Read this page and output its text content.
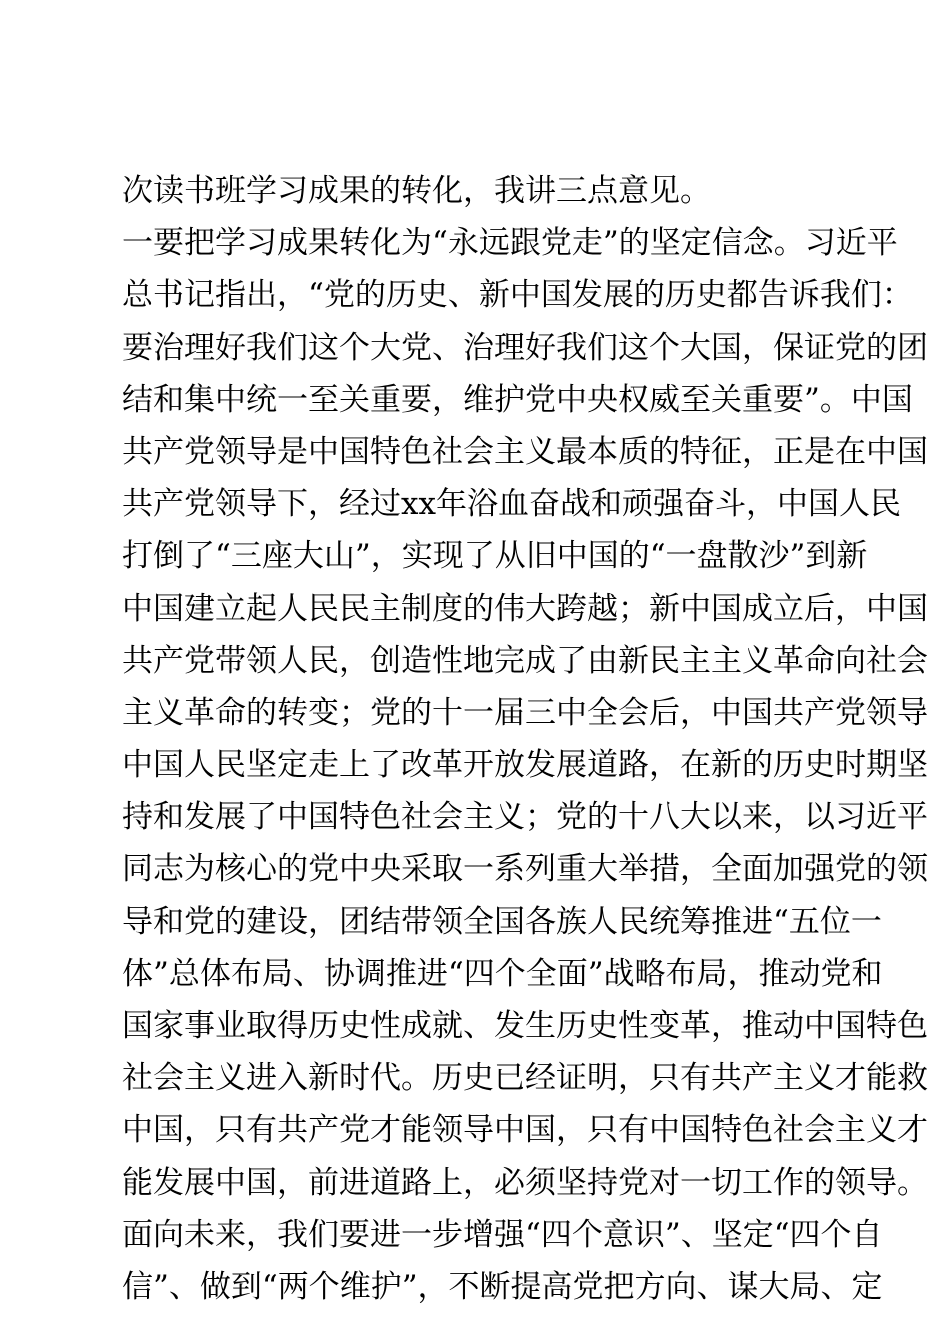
次读书班学习成果的转化，我讲三点意见。
一要把学习成果转化为“永远跟党走”的坚定信念。习近平
总书记指出，“党的历史、新中国发展的历史都告诉我们：
要治理好我们这个大党、治理好我们这个大国，保证党的团
结和集中统一至关重要，维护党中央权威至关重要”。中国
共产党领导是中国特色社会主义最本质的特征，正是在中国
共产党领导下，经过xx年浴血奋战和顽强奋斗，中国人民
打倒了“三座大山”，实现了从旧中国的“一盘散沙”到新
中国建立起人民民主制度的伟大跨越；新中国成立后，中国
共产党带领人民，创造性地完成了由新民主主义革命向社会
主义革命的转变；党的十一届三中全会后，中国共产党领导
中国人民坚定走上了改革开放发展道路，在新的历史时期坚
持和发展了中国特色社会主义；党的十八大以来，以习近平
同志为核心的党中央采取一系列重大举措，全面加强党的领
导和党的建设，团结带领全国各族人民统筹推进“五位一
体”总体布局、协调推进“四个全面”战略布局，推动党和
国家事业取得历史性成就、发生历史性变革，推动中国特色
社会主义进入新时代。历史已经证明，只有共产主义才能救
中国，只有共产党才能领导中国，只有中国特色社会主义才
能发展中国，前进道路上，必须坚持党对一切工作的领导。
面向未来，我们要进一步增强“四个意识”、坚定“四个自
信”、做到“两个维护”，不断提高党把方向、谋大局、定
